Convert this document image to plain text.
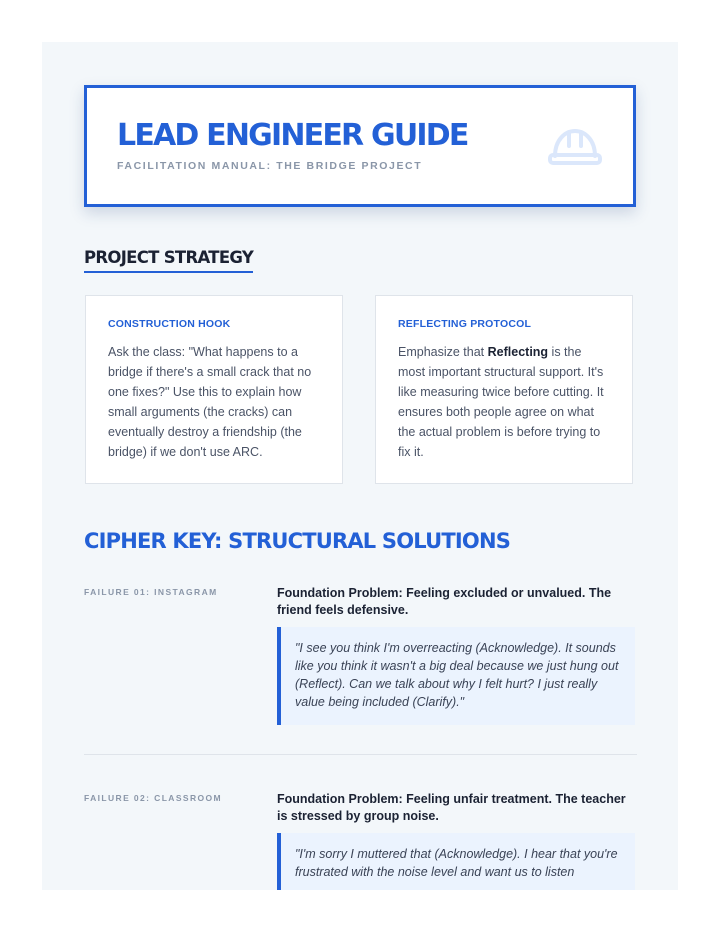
LEAD ENGINEER GUIDE
FACILITATION MANUAL: THE BRIDGE PROJECT
PROJECT STRATEGY
CONSTRUCTION HOOK
Ask the class: "What happens to a bridge if there's a small crack that no one fixes?" Use this to explain how small arguments (the cracks) can eventually destroy a friendship (the bridge) if we don't use ARC.
REFLECTING PROTOCOL
Emphasize that Reflecting is the most important structural support. It's like measuring twice before cutting. It ensures both people agree on what the actual problem is before trying to fix it.
CIPHER KEY: STRUCTURAL SOLUTIONS
FAILURE 01: INSTAGRAM	Foundation Problem: Feeling excluded or unvalued. The friend feels defensive.
"I see you think I'm overreacting (Acknowledge). It sounds like you think it wasn't a big deal because we just hung out (Reflect). Can we talk about why I felt hurt? I just really value being included (Clarify)."
FAILURE 02: CLASSROOM	Foundation Problem: Feeling unfair treatment. The teacher is stressed by group noise.
"I'm sorry I muttered that (Acknowledge). I hear that you're frustrated with the noise level and want us to listen
